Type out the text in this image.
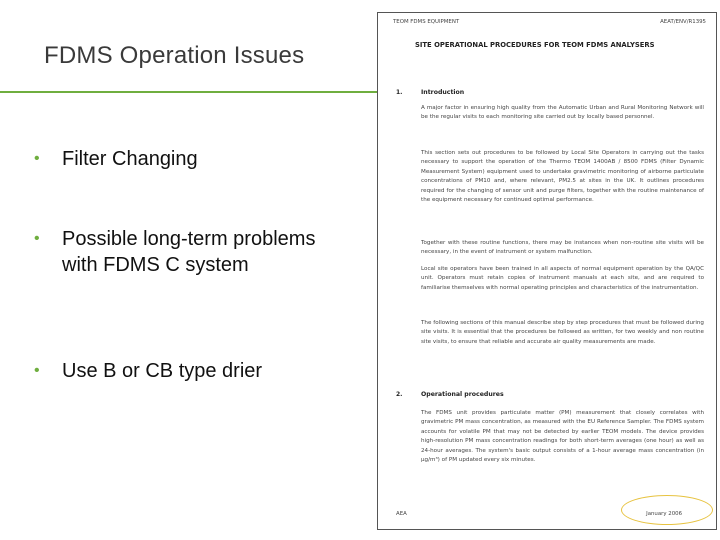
FDMS Operation Issues
• Filter Changing
• Possible long-term problems with FDMS C system
• Use B or CB type drier
TEOM FDMS EQUIPMENT	AEAT/ENV/R1395
SITE OPERATIONAL PROCEDURES FOR TEOM FDMS ANALYSERS
1.	Introduction

A major factor in ensuring high quality from the Automatic Urban and Rural Monitoring Network will be the regular visits to each monitoring site carried out by locally based personnel.

This section sets out procedures to be followed by Local Site Operators in carrying out the tasks necessary to support the operation of the Thermo TEOM 1400AB / 8500 FDMS (Filter Dynamic Measurement System) equipment used to undertake gravimetric monitoring of airborne particulate concentrations of PM10 and, where relevant, PM2.5 at sites in the UK. It outlines procedures required for the changing of sensor unit and purge filters, together with the routine maintenance of the equipment necessary for continued optimal performance.

Together with these routine functions, there may be instances when non-routine site visits will be necessary, in the event of instrument or system malfunction.

Local site operators have been trained in all aspects of normal equipment operation by the QA/QC unit. Operators must retain copies of instrument manuals at each site, and are required to familiarise themselves with normal operating principles and characteristics of the instrumentation.

The following sections of this manual describe step by step procedures that must be followed during site visits. It is essential that the procedures be followed as written, for two weekly and non routine site visits, to ensure that reliable and accurate air quality measurements are made.

2.	Operational procedures

The FDMS unit provides particulate matter (PM) measurement that closely correlates with gravimetric PM mass concentration, as measured with the EU Reference Sampler. The FDMS system accounts for volatile PM that may not be detected by earlier TEOM models. The device provides high-resolution PM mass concentration readings for both short-term averages (one hour) as well as 24-hour averages. The system's basic output consists of a 1-hour average mass concentration (in µg/m³) of PM updated every six minutes.

AEA	January 2006
